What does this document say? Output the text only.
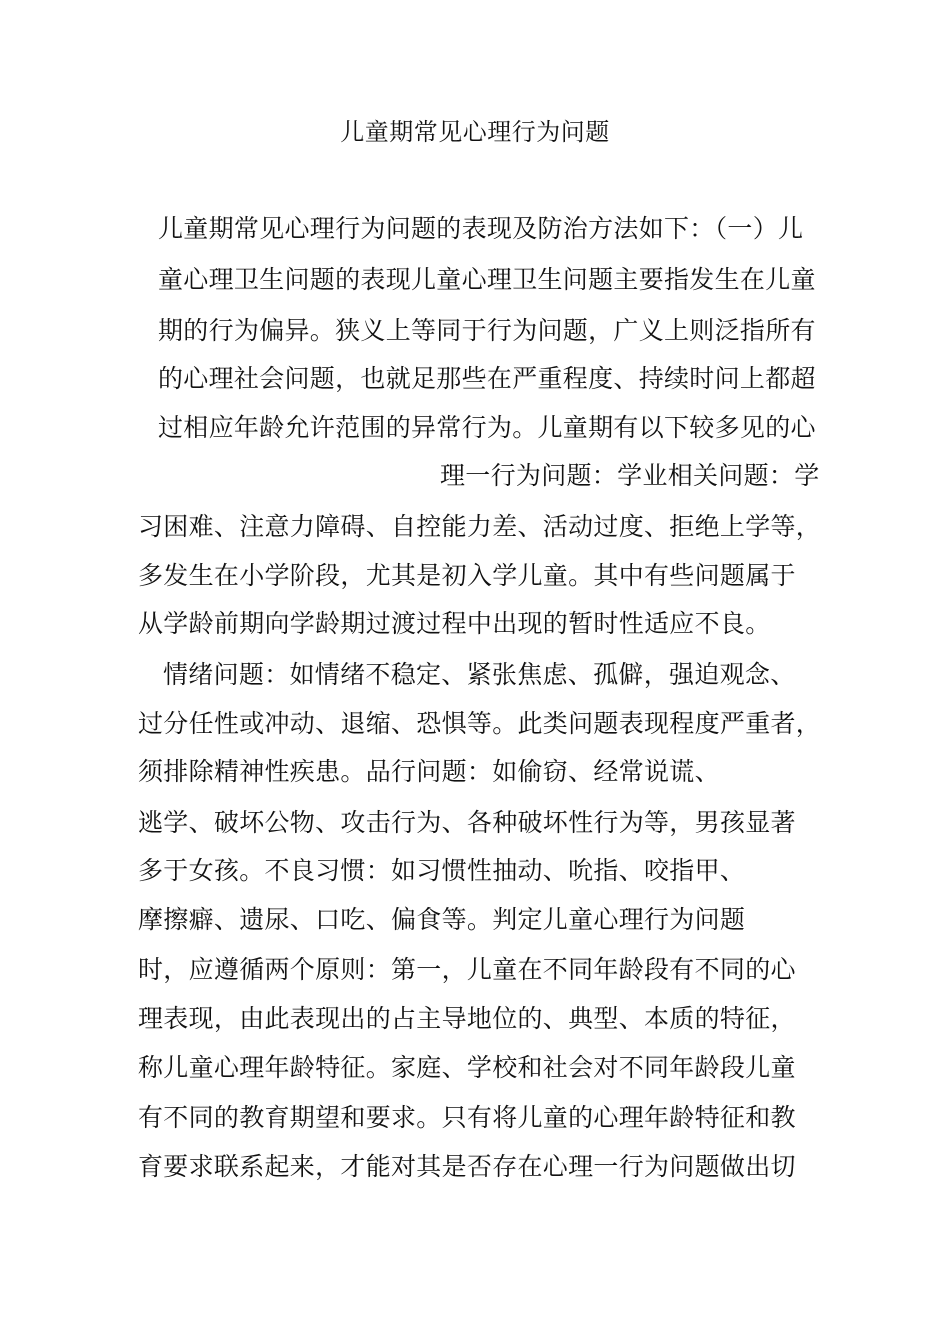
儿童期常见心理行为问题
儿童期常见心理行为问题的表现及防治方法如下：（一）儿
童心理卫生问题的表现儿童心理卫生问题主要指发生在儿童
期的行为偏异。狭义上等同于行为问题，广义上则泛指所有
的心理社会问题，也就足那些在严重程度、持续时问上都超
过相应年龄允许范围的异常行为。儿童期有以下较多见的心
理一行为问题：学业相关问题：学
习困难、注意力障碍、自控能力差、活动过度、拒绝上学等，
多发生在小学阶段，尤其是初入学儿童。其中有些问题属于
从学龄前期向学龄期过渡过程中出现的暂时性适应不良。
情绪问题：如情绪不稳定、紧张焦虑、孤僻，强迫观念、
过分任性或冲动、退缩、恐惧等。此类问题表现程度严重者，
须排除精神性疾患。品行问题：如偷窃、经常说谎、
逃学、破坏公物、攻击行为、各种破坏性行为等，男孩显著
多于女孩。不良习惯：如习惯性抽动、吮指、咬指甲、
摩擦癖、遗尿、口吃、偏食等。判定儿童心理行为问题
时，应遵循两个原则：第一，儿童在不同年龄段有不同的心
理表现，由此表现出的占主导地位的、典型、本质的特征，
称儿童心理年龄特征。家庭、学校和社会对不同年龄段儿童
有不同的教育期望和要求。只有将儿童的心理年龄特征和教
育要求联系起来，才能对其是否存在心理一行为问题做出切
